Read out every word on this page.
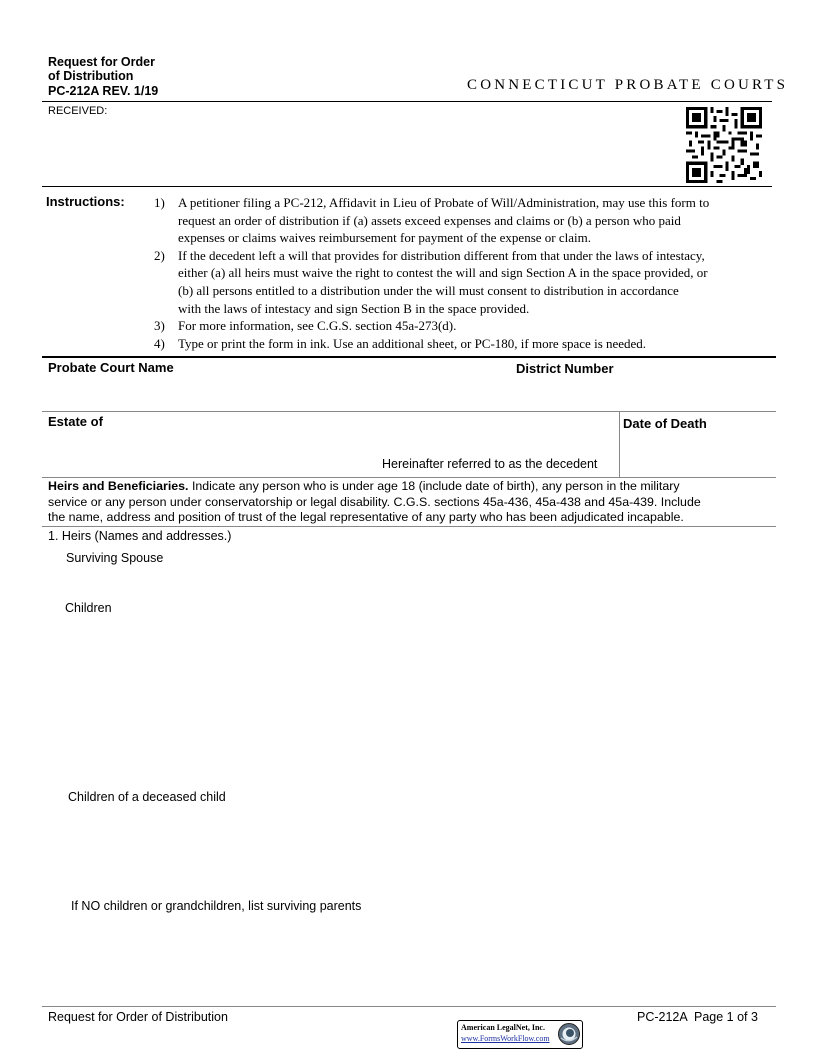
Request for Order
of Distribution
PC-212A REV. 1/19	CONNECTICUT PROBATE COURTS
RECEIVED:
Instructions: 1)	A petitioner filing a PC-212, Affidavit in Lieu of Probate of Will/Administration, may use this form to
request an order of distribution if (a) assets exceed expenses and claims or (b) a person who paid
expenses or claims waives reimbursement for payment of the expense or claim.
2)	If the decedent left a will that provides for distribution different from that under the laws of intestacy,
either (a) all heirs must waive the right to contest the will and sign Section A in the space provided, or
(b) all persons entitled to a distribution under the will must consent to distribution in accordance
with the laws of intestacy and sign Section B in the space provided.
3)	For more information, see C.G.S. section 45a-273(d).
4)	Type or print the form in ink. Use an additional sheet, or PC-180, if more space is needed.
Probate Court Name	District Number
Estate of	Date of Death
Hereinafter referred to as the decedent
Heirs and Beneficiaries. Indicate any person who is under age 18 (include date of birth), any person in the military
service or any person under conservatorship or legal disability. C.G.S. sections 45a-436, 45a-438 and 45a-439. Include
the name, address and position of trust of the legal representative of any party who has been adjudicated incapable.
1. Heirs (Names and addresses.)
Surviving Spouse
Children
Children of a deceased child
If NO children or grandchildren, list surviving parents
Request for Order of Distribution	PC-212A  Page 1 of 3
American LegalNet, Inc.
www.FormsWorkFlow.com
